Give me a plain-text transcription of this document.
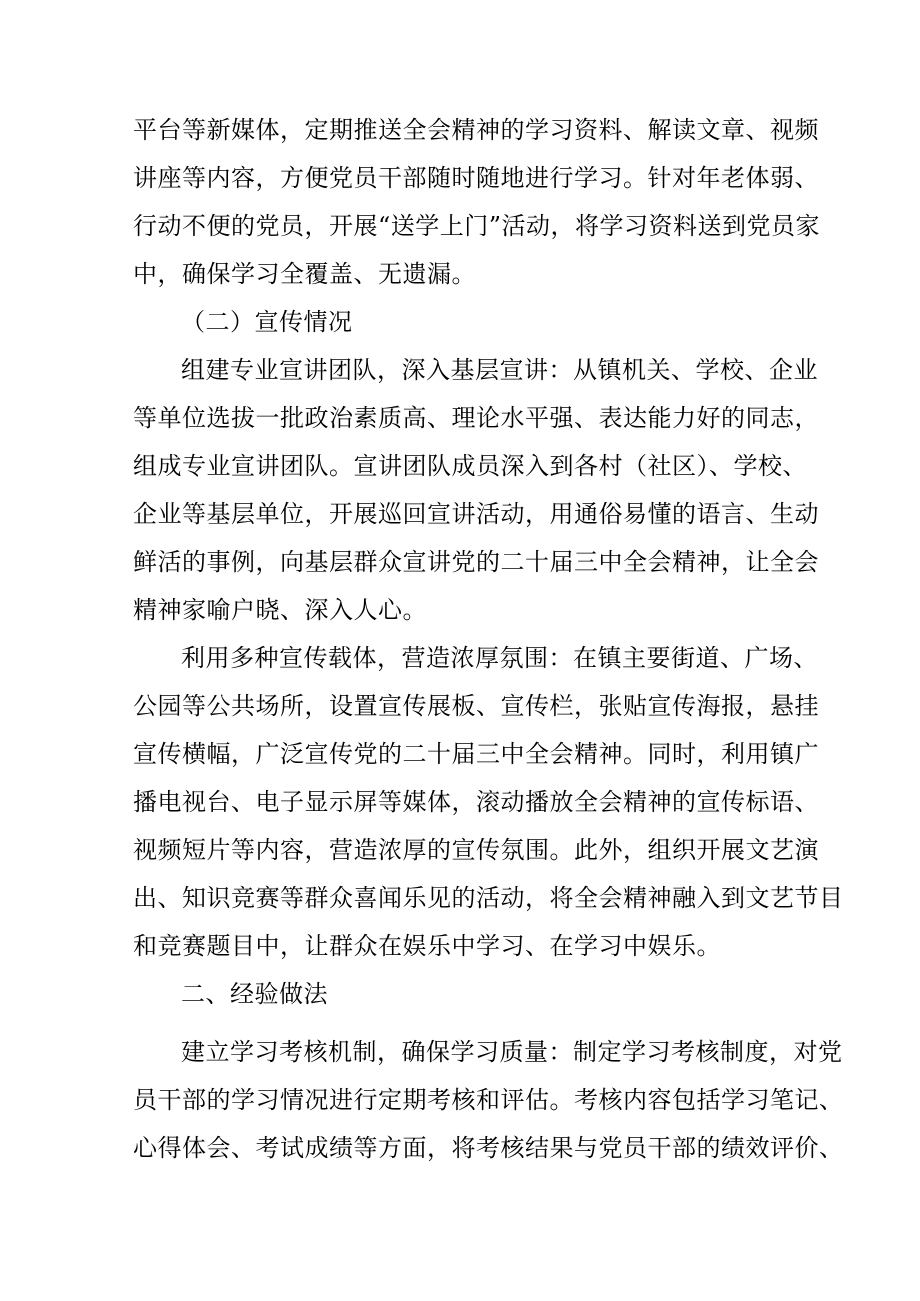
平台等新媒体，定期推送全会精神的学习资料、解读文章、视频
讲座等内容，方便党员干部随时随地进行学习。针对年老体弱、
行动不便的党员，开展“送学上门”活动，将学习资料送到党员家
中，确保学习全覆盖、无遗漏。
（二）宣传情况
组建专业宣讲团队，深入基层宣讲：从镇机关、学校、企业
等单位选拔一批政治素质高、理论水平强、表达能力好的同志，
组成专业宣讲团队。宣讲团队成员深入到各村（社区）、学校、
企业等基层单位，开展巡回宣讲活动，用通俗易懂的语言、生动
鲜活的事例，向基层群众宣讲党的二十届三中全会精神，让全会
精神家喻户晓、深入人心。
利用多种宣传载体，营造浓厚氛围：在镇主要街道、广场、
公园等公共场所，设置宣传展板、宣传栏，张贴宣传海报，悬挂
宣传横幅，广泛宣传党的二十届三中全会精神。同时，利用镇广
播电视台、电子显示屏等媒体，滚动播放全会精神的宣传标语、
视频短片等内容，营造浓厚的宣传氛围。此外，组织开展文艺演
出、知识竞赛等群众喜闻乐见的活动，将全会精神融入到文艺节目
和竞赛题目中，让群众在娱乐中学习、在学习中娱乐。
二、经验做法
建立学习考核机制，确保学习质量：制定学习考核制度，对党
员干部的学习情况进行定期考核和评估。考核内容包括学习笔记、
心得体会、考试成绩等方面，将考核结果与党员干部的绩效评价、
